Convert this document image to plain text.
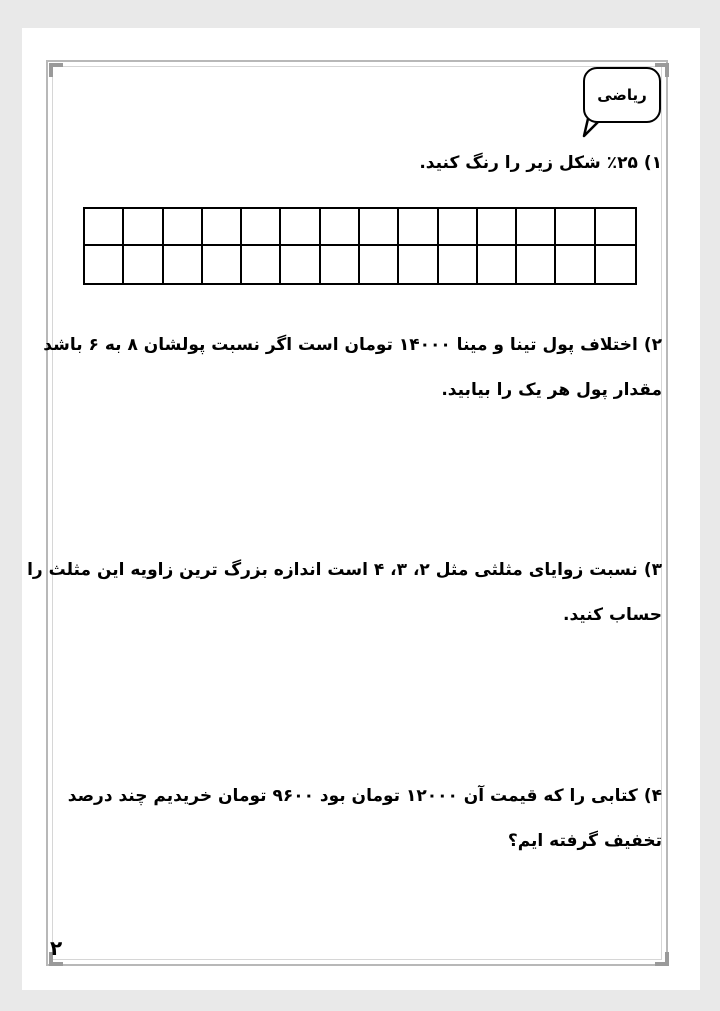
ریاضی
۱)٪۲۵ شکل زیر را رنگ کنید.
۲)اختلاف پول تینا و مینا ۱۴۰۰۰ تومان است اگر نسبت پولشان ۸ به ۶ باشد
مقدار پول هر یک را بیابید.
۳)نسبت زوایای مثلثی مثل ۲، ۳، ۴ است اندازه بزرگ ترین زاویه این مثلث را
حساب کنید.
۴)کتابی را که قیمت آن ۱۲۰۰۰ تومان بود ۹۶۰۰ تومان خریدیم چند درصد
تخفیف گرفته ایم؟
۲
